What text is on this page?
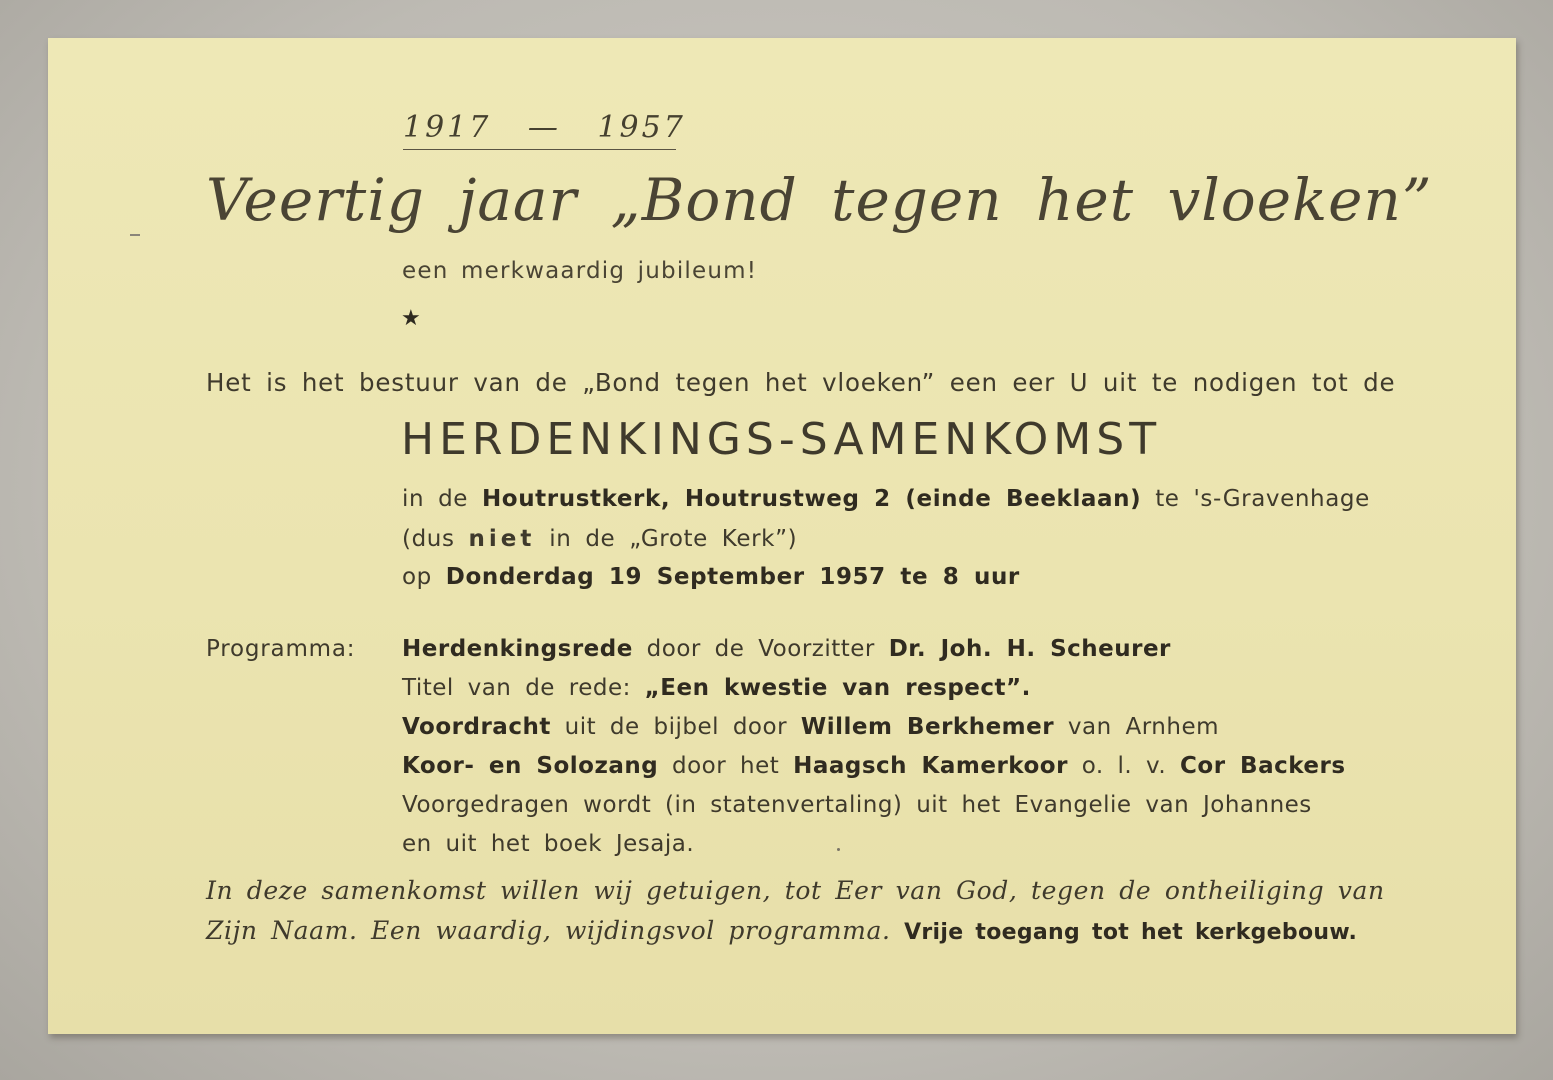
1917 — 1957
Veertig jaar „Bond tegen het vloeken”
een merkwaardig jubileum!
★
Het is het bestuur van de „Bond tegen het vloeken” een eer U uit te nodigen tot de
HERDENKINGS-SAMENKOMST
in de Houtrustkerk, Houtrustweg 2 (einde Beeklaan) te 's-Gravenhage
(dus niet in de „Grote Kerk”)
op Donderdag 19 September 1957 te 8 uur
Programma: Herdenkingsrede door de Voorzitter Dr. Joh. H. Scheurer
Titel van de rede: „Een kwestie van respect”.
Voordracht uit de bijbel door Willem Berkhemer van Arnhem
Koor- en Solozang door het Haagsch Kamerkoor o. l. v. Cor Backers
Voorgedragen wordt (in statenvertaling) uit het Evangelie van Johannes
en uit het boek Jesaja.
In deze samenkomst willen wij getuigen, tot Eer van God, tegen de ontheiliging van
Zijn Naam. Een waardig, wijdingsvol programma. Vrije toegang tot het kerkgebouw.
